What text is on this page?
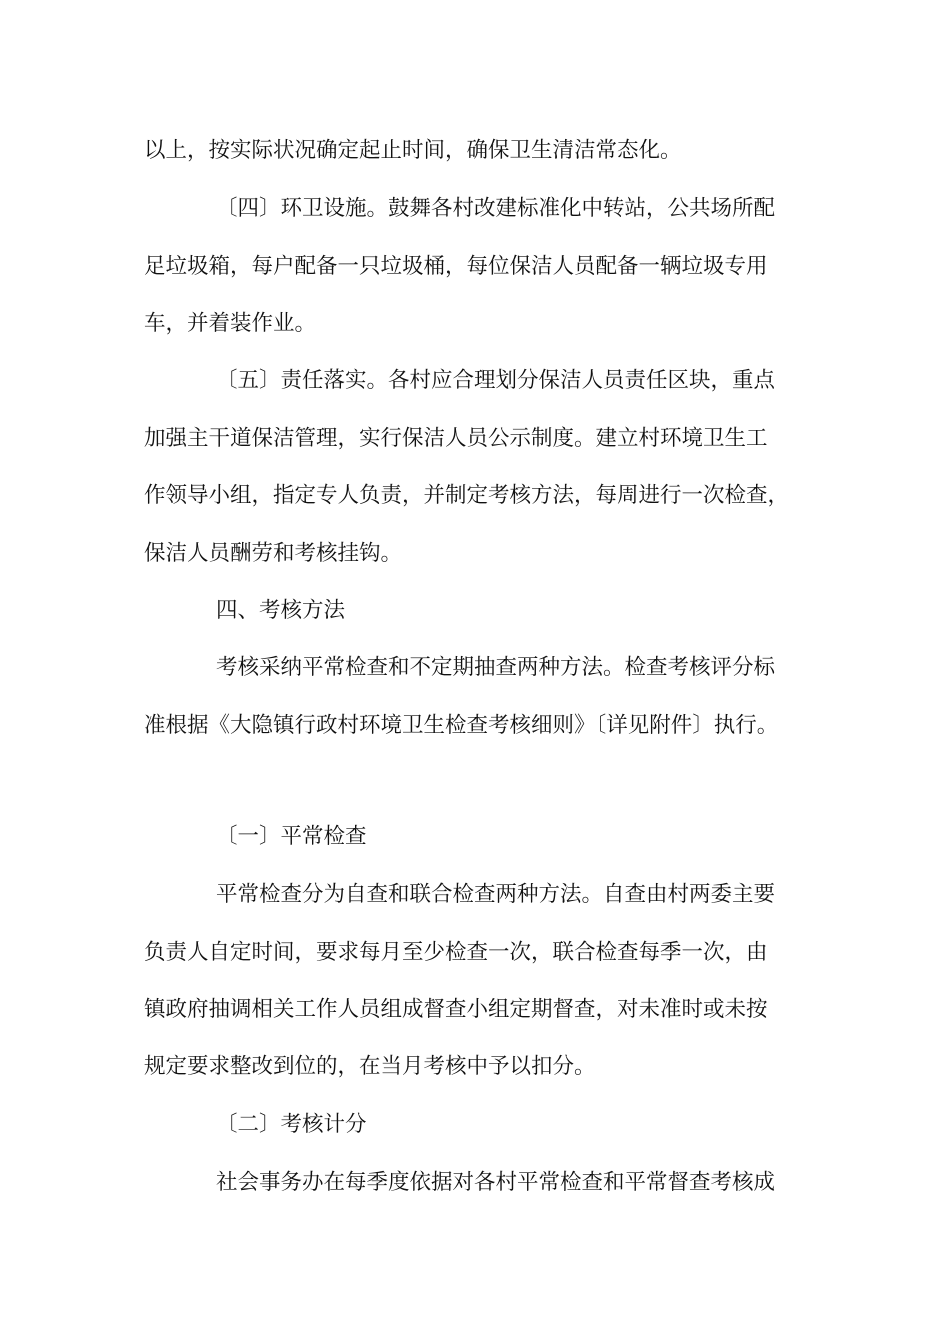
以上，按实际状况确定起止时间，确保卫生清洁常态化。
〔四〕环卫设施。鼓舞各村改建标准化中转站，公共场所配
足垃圾箱，每户配备一只垃圾桶，每位保洁人员配备一辆垃圾专用
车，并着装作业。
〔五〕责任落实。各村应合理划分保洁人员责任区块，重点
加强主干道保洁管理，实行保洁人员公示制度。建立村环境卫生工
作领导小组，指定专人负责，并制定考核方法，每周进行一次检查，
保洁人员酬劳和考核挂钩。
四、考核方法
考核采纳平常检查和不定期抽查两种方法。检查考核评分标
准根据《大隐镇行政村环境卫生检查考核细则》〔详见附件〕执行。
〔一〕平常检查
平常检查分为自查和联合检查两种方法。自查由村两委主要
负责人自定时间，要求每月至少检查一次，联合检查每季一次，由
镇政府抽调相关工作人员组成督查小组定期督查，对未准时或未按
规定要求整改到位的，在当月考核中予以扣分。
〔二〕考核计分
社会事务办在每季度依据对各村平常检查和平常督查考核成
